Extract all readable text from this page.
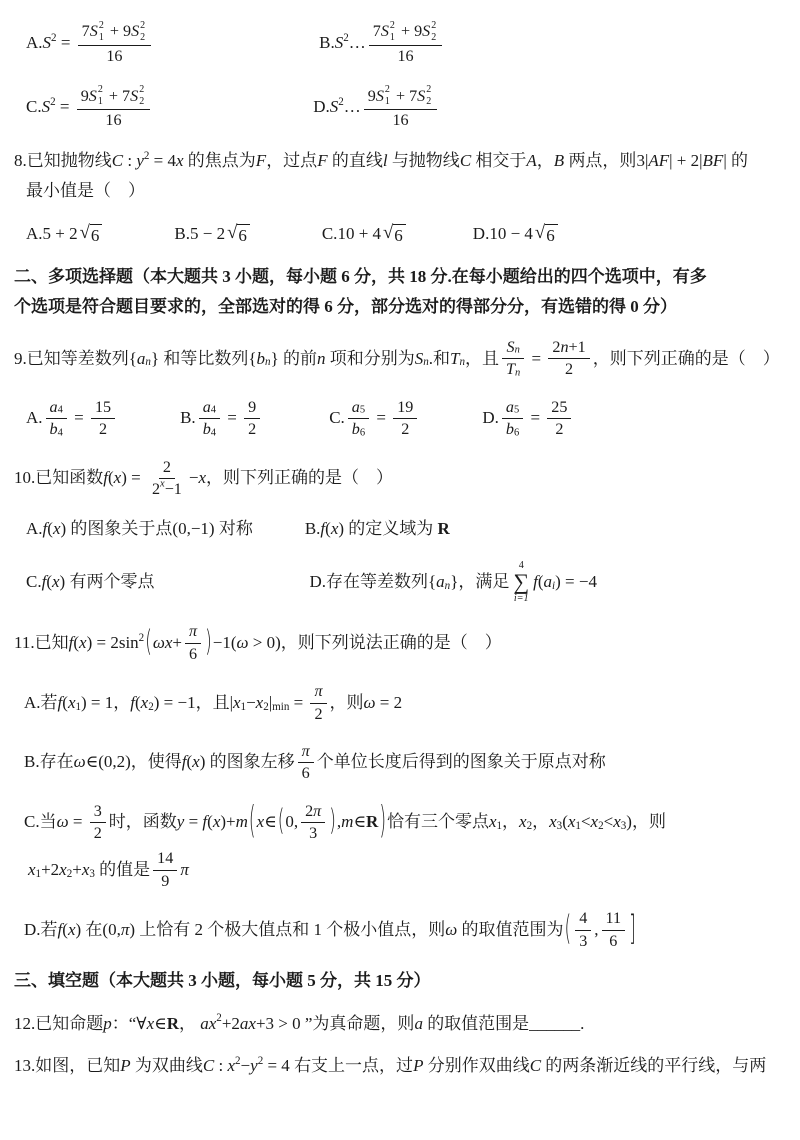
A. S 2 = 7 S 2
1 + 9 S 2
2
16	B. S 2 … 7 S 2
1 + 9 S 2
2
16
C. S 2 = 9 S 2
1 + 7 S 2
2
16	D. S 2 … 9 S 2
1 + 7 S 2
2
16
8.已知抛物线 C : y 2 = 4 x 的焦点为 F ，过点 F 的直线 l 与抛物线 C 相交于 A ， B 两点，则 3| AF | + 2| BF | 的
最小值是（　）
A. 5 + 2 √ 6	B. 5 − 2 √ 6	C. 10 + 4 √ 6	D. 10 − 4 √ 6
二、多项选择题（本大题共 3 小题，每小题 6 分，共 18 分.在每小题给出的四个选项中，有多
个选项是符合题目要求的，全部选对的得 6 分，部分选对的得部分分，有选错的得 0 分）
9.已知等差数列 { a n } 和等比数列 { b n } 的前 n 项和分别为 S n .和 T n ，且 $\frac{\text{S n}}{\text{T n}} = \frac{2 n +1}{2}$ ，则下列正确的是（　）
A. $\frac{a 4}{b 4} = \frac{15}{2}$	B. $\frac{a 4}{b 4} = \frac{9}{2}$	C. $\frac{a 5}{b 6} = \frac{19}{2}$	D. $\frac{a 5}{b 6} = \frac{25}{2}$
10.已知函数 f ( x ) = $\frac{2}{2 x -1} - x$ ，则下列正确的是（　）
A. f ( x ) 的图象关于点 (0,−1) 对称	B. f ( x ) 的定义域为 R
C. f ( x ) 有两个零点	D.存在等差数列 { a n } ，满足
4
∑
i=1
f ( a i ) = −4
11.已知 f ( x ) = 2sin 2 ( ω $x + \frac{\pi}{6}$ ) −1 ( ω > 0) ，则下列说法正确的是（　）
A.若 f ( x 1 ) = 1， f ( x 2 ) = −1，且 | x 1 − x 2 | $\min = \frac{\pi}{2}$ ，则 ω = 2
B.存在 ω ∈(0,2) ，使得 f ( x ) 的图象左移 $\frac{\pi}{6}$ 个单位长度后得到的图象关于原点对称
C.当 $\omega = \frac{3}{2}$ 时，函数 y = f ( x ) + m ( x ∈ ( 0, $\frac{2 \pi}{3}$ ) , m ∈ R ) 恰有三个零点 x 1 ， x 2 ， x 3 ( x 1 < x 2 < x 3 ) ，则
x 1 +2 x 2 + x 3 的值是 $\frac{14}{9}$ π
D.若 f ( x ) 在 (0, π ) 上恰有 2 个极大值点和 1 个极小值点，则 ω 的取值范围为 ( $\frac{4}{3}$ , $\frac{11}{6}$ ]
三、填空题（本大题共 3 小题，每小题 5 分，共 15 分）
12.已知命题 p ：“∀ x ∈ R ， a x 2 +2 a x +3 > 0 ”为真命题，则 a 的取值范围是______.
13.如图，已知 P 为双曲线 C : x 2 − y 2 = 4 右支上一点，过 P 分别作双曲线 C 的两条渐近线的平行线，与两
